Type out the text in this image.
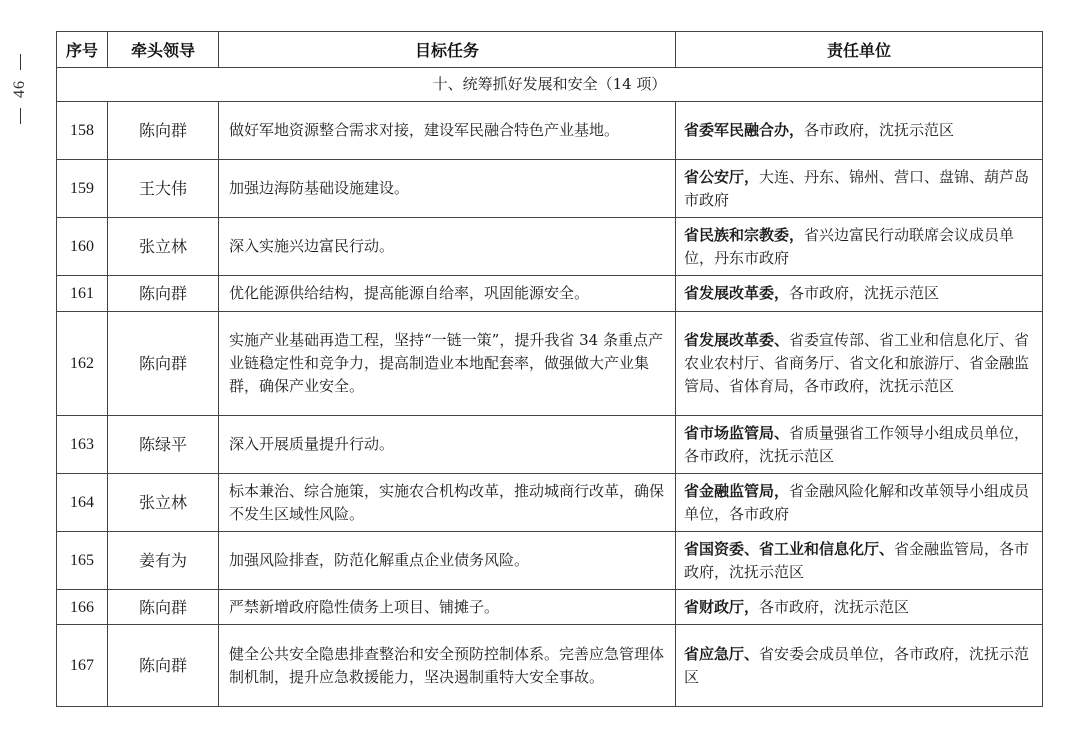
46
序号	牵头领导	目标任务	责任单位
十、统筹抓好发展和安全（14 项）			
158	陈向群	做好军地资源整合需求对接，建设军民融合特色产业基地。	省委军民融合办，各市政府，沈抚示范区
159	王大伟	加强边海防基础设施建设。	省公安厅，大连、丹东、锦州、营口、盘锦、葫芦岛市政府
160	张立林	深入实施兴边富民行动。	省民族和宗教委，省兴边富民行动联席会议成员单位，丹东市政府
161	陈向群	优化能源供给结构，提高能源自给率，巩固能源安全。	省发展改革委，各市政府，沈抚示范区
162	陈向群	实施产业基础再造工程，坚持“一链一策”，提升我省 34 条重点产业链稳定性和竞争力，提高制造业本地配套率，做强做大产业集群，确保产业安全。	省发展改革委、省委宣传部、省工业和信息化厅、省农业农村厅、省商务厅、省文化和旅游厅、省金融监管局、省体育局，各市政府，沈抚示范区
163	陈绿平	深入开展质量提升行动。	省市场监管局、省质量强省工作领导小组成员单位，各市政府，沈抚示范区
164	张立林	标本兼治、综合施策，实施农合机构改革，推动城商行改革，确保不发生区域性风险。	省金融监管局，省金融风险化解和改革领导小组成员单位，各市政府
165	姜有为	加强风险排查，防范化解重点企业债务风险。	省国资委、省工业和信息化厅、省金融监管局，各市政府，沈抚示范区
166	陈向群	严禁新增政府隐性债务上项目、铺摊子。	省财政厅，各市政府，沈抚示范区
167	陈向群	健全公共安全隐患排查整治和安全预防控制体系。完善应急管理体制机制，提升应急救援能力，坚决遏制重特大安全事故。	省应急厅、省安委会成员单位，各市政府，沈抚示范区
